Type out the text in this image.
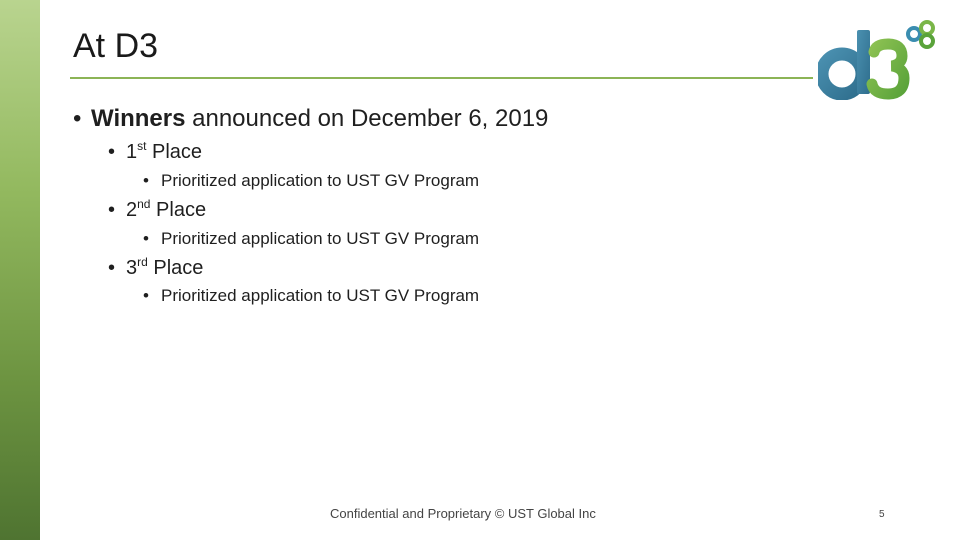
At D3
• Winners announced on December 6, 2019
• 1st Place
• Prioritized application to UST GV Program
• 2nd Place
• Prioritized application to UST GV Program
• 3rd Place
• Prioritized application to UST GV Program
Confidential and Proprietary © UST Global Inc	5
